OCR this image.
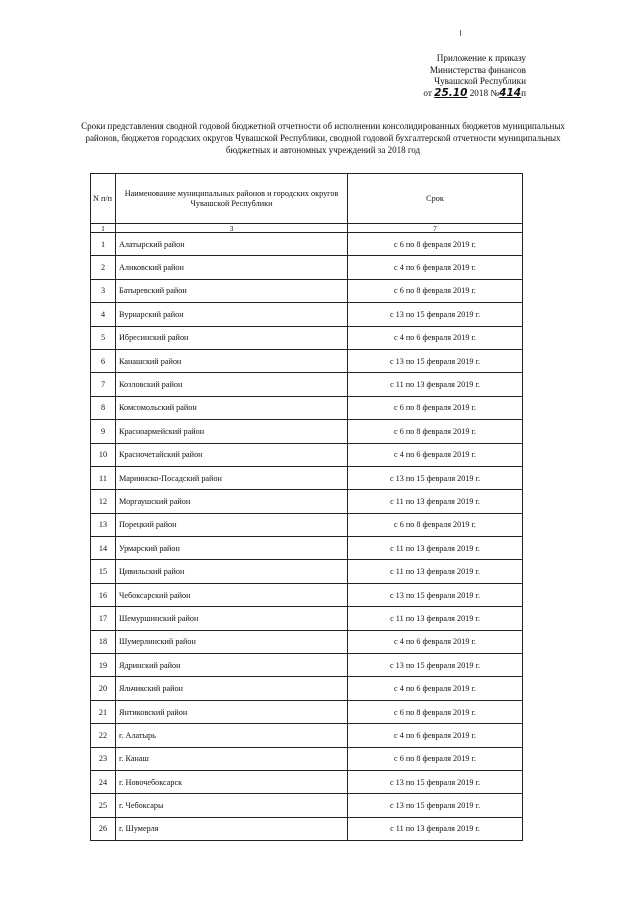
Приложение к приказу
Министерства финансов
Чувашской Республики
от 25.10 2018 №414п
Сроки представления сводной годовой бюджетной отчетности об исполнении консолидированных бюджетов муниципальных районов, бюджетов городских округов Чувашской Республики, сводной годовой бухгалтерской отчетности муниципальных бюджетных и автономных учреждений за 2018 год
N п/п	Наименование муниципальных районов и городских округов Чувашской Республики	Срок
1	3	7
1	Алатырский район	с 6 по 8 февраля 2019 г.
2	Аликовский район	с 4 по 6 февраля 2019 г.
3	Батыревский район	с 6 по 8 февраля 2019 г.
4	Вурнарский район	с 13 по 15 февраля 2019 г.
5	Ибресинский район	с 4 по 6 февраля 2019 г.
6	Канашский район	с 13 по 15 февраля 2019 г.
7	Козловский район	с 11 по 13 февраля 2019 г.
8	Комсомольский район	с 6 по 8 февраля 2019 г.
9	Красноармейский район	с 6 по 8 февраля 2019 г.
10	Красночетайский район	с 4 по 6 февраля 2019 г.
11	Мариинско-Посадский район	с 13 по 15 февраля 2019 г.
12	Моргаушский район	с 11 по 13 февраля 2019 г.
13	Порецкий район	с 6 по 8 февраля 2019 г.
14	Урмарский район	с 11 по 13 февраля 2019 г.
15	Цивильский район	с 11 по 13 февраля 2019 г.
16	Чебоксарский район	с 13 по 15 февраля 2019 г.
17	Шемуршинский район	с 11 по 13 февраля 2019 г.
18	Шумерлинский район	с 4 по 6 февраля 2019 г.
19	Ядринский район	с 13 по 15 февраля 2019 г.
20	Яльчикский район	с 4 по 6 февраля 2019 г.
21	Янтиковский район	с 6 по 8 февраля 2019 г.
22	г. Алатырь	с 4 по 6 февраля 2019 г.
23	г. Канаш	с 6 по 8 февраля 2019 г.
24	г. Новочебоксарск	с 13 по 15 февраля 2019 г.
25	г. Чебоксары	с 13 по 15 февраля 2019 г.
26	г. Шумерля	с 11 по 13 февраля 2019 г.
